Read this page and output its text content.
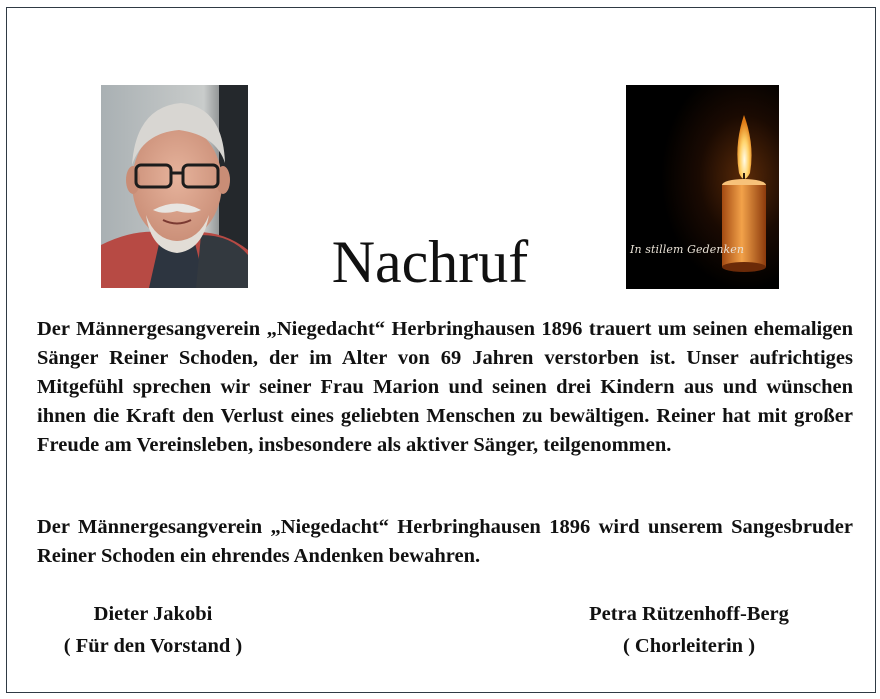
In stillem Gedenken
Nachruf

Der Männergesangverein „Niegedacht“ Herbringhausen 1896 trauert um seinen ehemaligen Sänger Reiner Schoden, der im Alter von 69 Jahren verstorben ist. Unser aufrichtiges Mitgefühl sprechen wir seiner Frau Marion und seinen drei Kindern aus und wünschen ihnen die Kraft den Verlust eines geliebten Menschen zu bewältigen. Reiner hat mit großer Freude am Vereinsleben, insbesondere als aktiver Sänger, teilgenommen.

Der Männergesangverein „Niegedacht“ Herbringhausen 1896 wird unserem Sangesbruder Reiner Schoden ein ehrendes Andenken bewahren.

Dieter Jakobi
( Für den Vorstand )
Petra Rützenhoff-Berg
( Chorleiterin )
